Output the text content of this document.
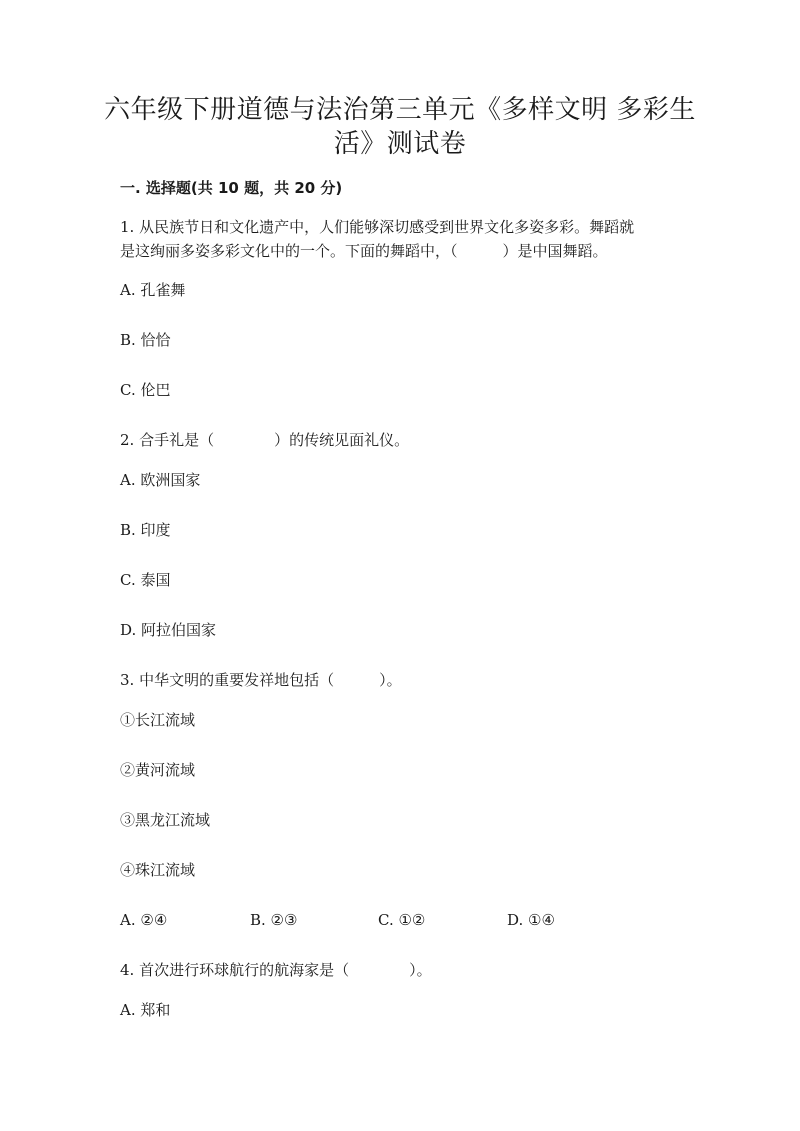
六年级下册道德与法治第三单元《多样文明 多彩生
活》测试卷
一. 选择题(共 10 题，共 20 分)
1. 从民族节日和文化遗产中，人们能够深切感受到世界文化多姿多彩。舞蹈就
是这绚丽多姿多彩文化中的一个。下面的舞蹈中，（　　　）是中国舞蹈。
A. 孔雀舞
B. 恰恰
C. 伦巴
2. 合手礼是（　　　　）的传统见面礼仪。
A. 欧洲国家
B. 印度
C. 泰国
D. 阿拉伯国家
3. 中华文明的重要发祥地包括（　　　）。
①长江流域
②黄河流域
③黑龙江流域
④珠江流域
A. ②④	B. ②③	C. ①②	D. ①④
4. 首次进行环球航行的航海家是（　　　　）。
A. 郑和
